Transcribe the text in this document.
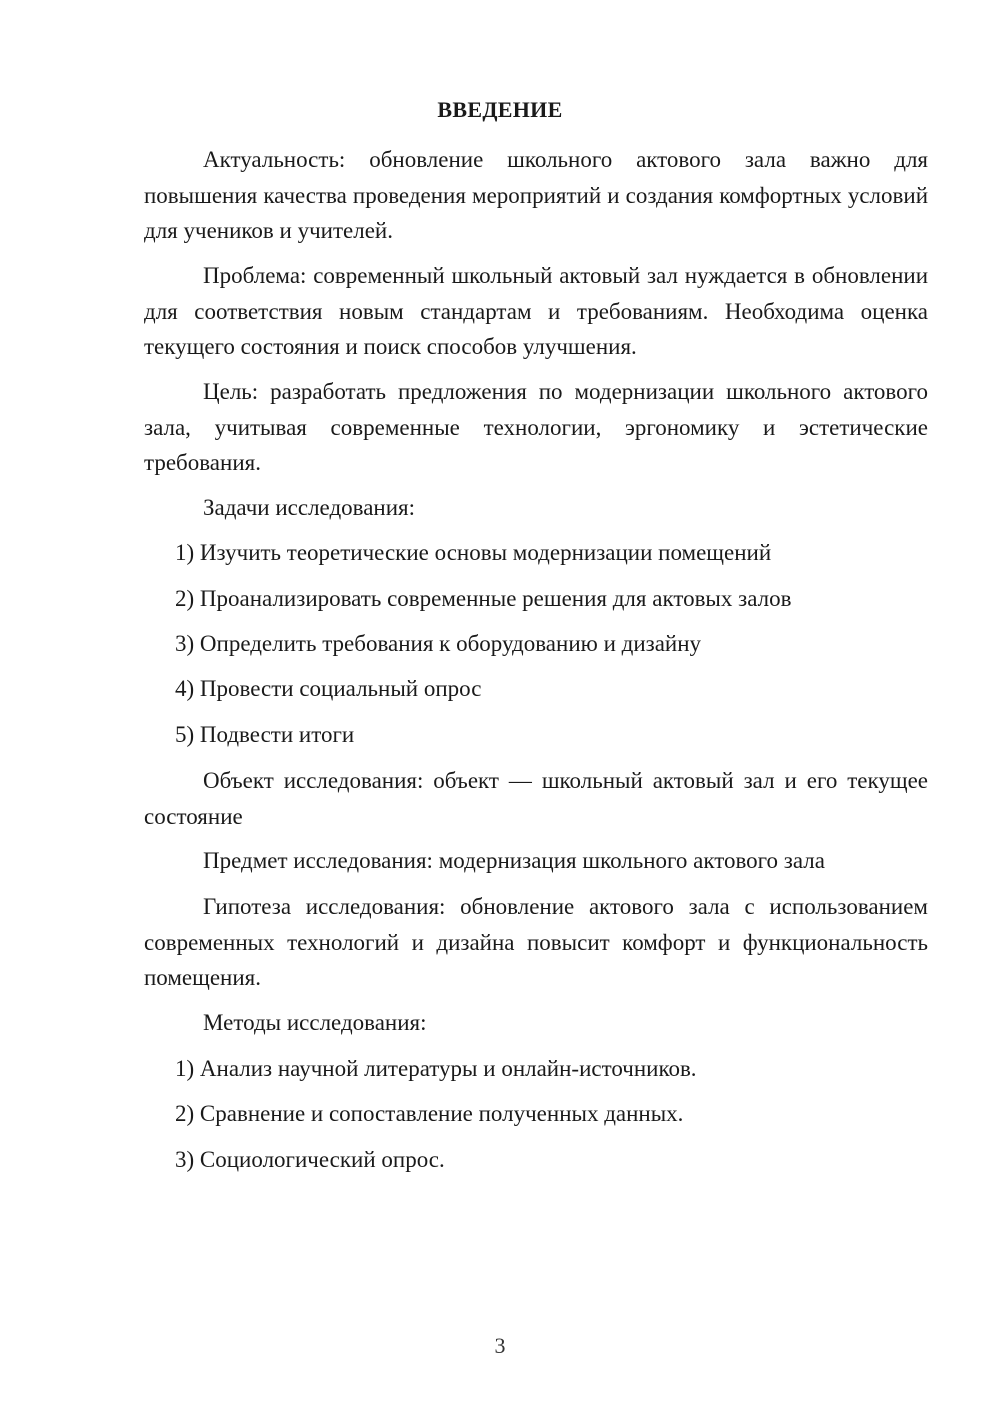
ВВЕДЕНИЕ

Актуальность: обновление школьного актового зала важно для повышения качества проведения мероприятий и создания комфортных условий для учеников и учителей.

Проблема: современный школьный актовый зал нуждается в обновлении для соответствия новым стандартам и требованиям. Необходима оценка текущего состояния и поиск способов улучшения.

Цель: разработать предложения по модернизации школьного актового зала, учитывая современные технологии, эргономику и эстетические требования.

Задачи исследования:
1) Изучить теоретические основы модернизации помещений
2) Проанализировать современные решения для актовых залов
3) Определить требования к оборудованию и дизайну
4) Провести социальный опрос
5) Подвести итоги

Объект исследования: объект — школьный актовый зал и его текущее состояние

Предмет исследования: модернизация школьного актового зала

Гипотеза исследования: обновление актового зала с использованием современных технологий и дизайна повысит комфорт и функциональность помещения.

Методы исследования:
1) Анализ научной литературы и онлайн-источников.
2) Сравнение и сопоставление полученных данных.
3) Социологический опрос.
3
